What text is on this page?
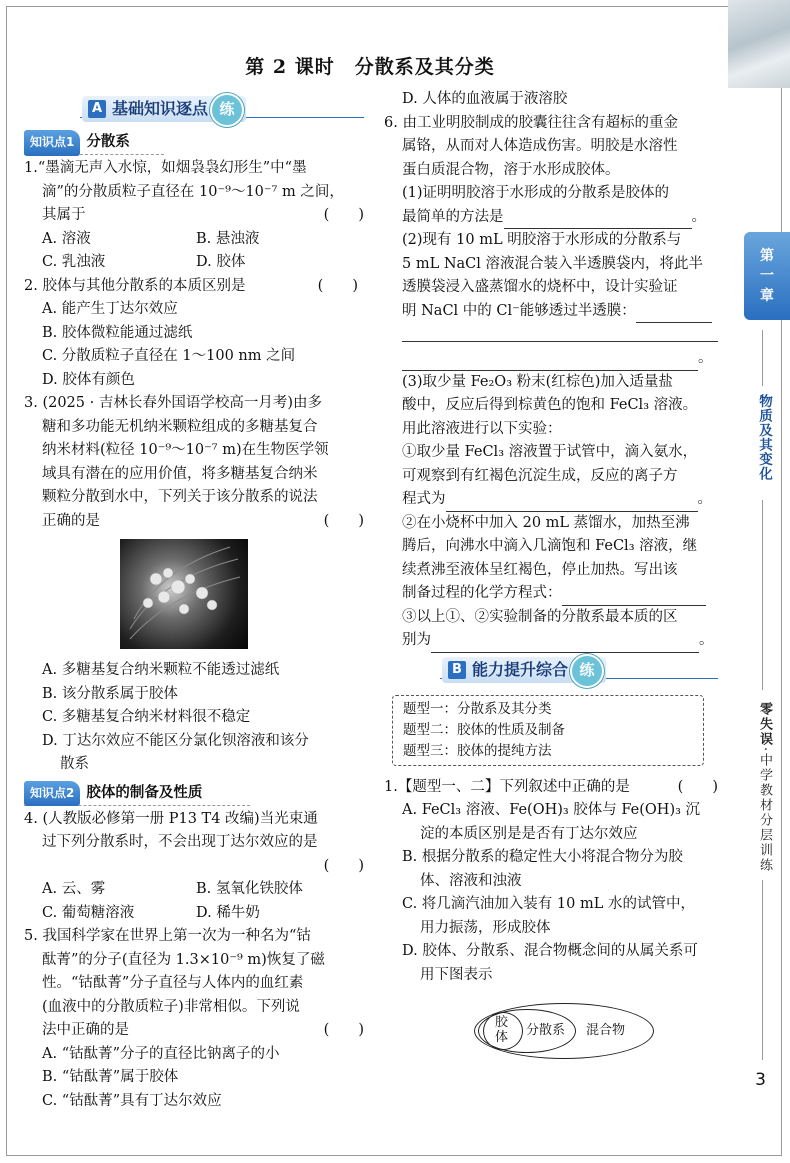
第 2 课时　分散系及其分类
A 基础知识逐点 练
知识点1 分散系
1.“墨滴无声入水惊，如烟袅袅幻形生”中“墨
滴”的分散质粒子直径在 10⁻⁹～10⁻⁷ m 之间，
其属于	(　　)
A. 溶液	B. 悬浊液
C. 乳浊液	D. 胶体
2. 胶体与其他分散系的本质区别是	(　　)
A. 能产生丁达尔效应
B. 胶体微粒能通过滤纸
C. 分散质粒子直径在 1～100 nm 之间
D. 胶体有颜色
3. (2025 · 吉林长春外国语学校高一月考)由多
糖和多功能无机纳米颗粒组成的多糖基复合
纳米材料(粒径 10⁻⁹～10⁻⁷ m)在生物医学领
域具有潜在的应用价值，将多糖基复合纳米
颗粒分散到水中，下列关于该分散系的说法
正确的是	(　　)
A. 多糖基复合纳米颗粒不能透过滤纸
B. 该分散系属于胶体
C. 多糖基复合纳米材料很不稳定
D. 丁达尔效应不能区分氯化钡溶液和该分
散系
知识点2 胶体的制备及性质
4. (人教版必修第一册 P13 T4 改编)当光束通
过下列分散系时，不会出现丁达尔效应的是
(　　)
A. 云、雾	B. 氢氧化铁胶体
C. 葡萄糖溶液	D. 稀牛奶
5. 我国科学家在世界上第一次为一种名为“钴
酞菁”的分子(直径为 1.3×10⁻⁹ m)恢复了磁
性。“钴酞菁”分子直径与人体内的血红素
(血液中的分散质粒子)非常相似。下列说
法中正确的是	(　　)
A. “钴酞菁”分子的直径比钠离子的小
B. “钴酞菁”属于胶体
C. “钴酞菁”具有丁达尔效应
D. 人体的血液属于液溶胶
6. 由工业明胶制成的胶囊往往含有超标的重金
属铬，从而对人体造成伤害。明胶是水溶性
蛋白质混合物，溶于水形成胶体。
(1)证明明胶溶于水形成的分散系是胶体的
最简单的方法是	。
(2)现有 10 mL 明胶溶于水形成的分散系与
5 mL NaCl 溶液混合装入半透膜袋内，将此半
透膜袋浸入盛蒸馏水的烧杯中，设计实验证
明 NaCl 中的 Cl⁻能够透过半透膜：
。
(3)取少量 Fe₂O₃ 粉末(红棕色)加入适量盐
酸中，反应后得到棕黄色的饱和 FeCl₃ 溶液。
用此溶液进行以下实验：
①取少量 FeCl₃ 溶液置于试管中，滴入氨水，
可观察到有红褐色沉淀生成，反应的离子方
程式为	。
②在小烧杯中加入 20 mL 蒸馏水，加热至沸
腾后，向沸水中滴入几滴饱和 FeCl₃ 溶液，继
续煮沸至液体呈红褐色，停止加热。写出该
制备过程的化学方程式：
③以上①、②实验制备的分散系最本质的区
别为	。
B 能力提升综合 练
题型一：分散系及其分类
题型二：胶体的性质及制备
题型三：胶体的提纯方法
1.【题型一、二】下列叙述中正确的是	(　　)
A. FeCl₃ 溶液、Fe(OH)₃ 胶体与 Fe(OH)₃ 沉
淀的本质区别是是否有丁达尔效应
B. 根据分散系的稳定性大小将混合物分为胶
体、溶液和浊液
C. 将几滴汽油加入装有 10 mL 水的试管中，
用力振荡，形成胶体
D. 胶体、分散系、混合物概念间的从属关系可
用下图表示
胶
体 分散系 混合物
第
一
章
物质及其变化
零失误·中学教材分层训练
3
